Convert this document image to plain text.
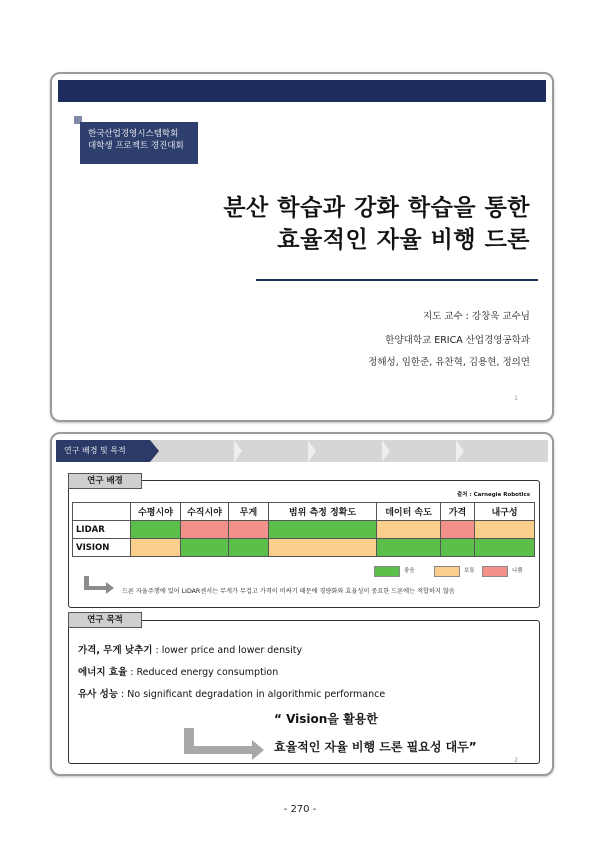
한국산업경영시스템학회
대학생 프로젝트 경진대회
분산 학습과 강화 학습을 통한
효율적인 자율 비행 드론
지도 교수 : 강창욱 교수님
한양대학교 ERICA 산업경영공학과
정해성, 임한준, 유찬혁, 김용현, 정의연
1
연구 배경 및 목적
연구 배경
출처 : Carnegie Robotics
	수평시야	수직시야	무게	범위 측정 정확도	데이터 속도	가격	내구성
LIDAR							
VISION							
좋음	보통	나쁨
드론 자율주행에 있어 LIDAR센서는 무게가 무겁고 가격이 비싸기 때문에 경량화와 효율성이 중요한 드론에는 적합하지 않음
연구 목적
가격, 무게 낮추기 : lower price and lower density
에너지 효율 : Reduced energy consumption
유사 성능 : No significant degradation in algorithmic performance
“ Vision을 활용한
효율적인 자율 비행 드론 필요성 대두”
2
- 270 -
